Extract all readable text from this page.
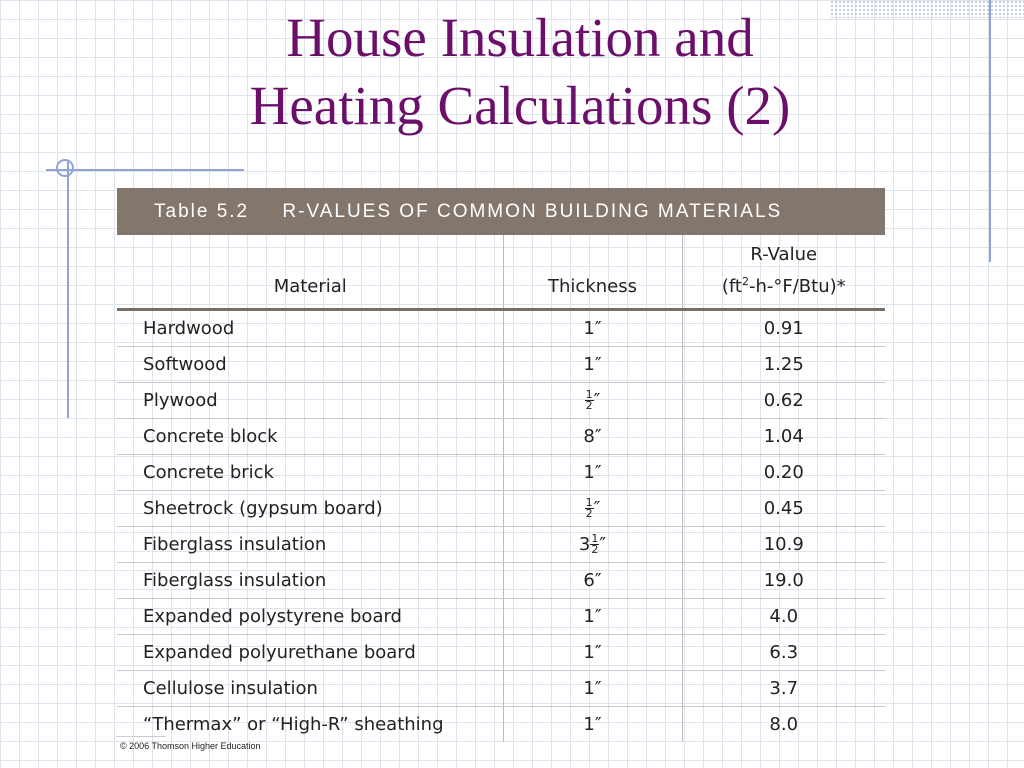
House Insulation and
Heating Calculations (2)
Table 5.2 R-VALUES OF COMMON BUILDING MATERIALS
Material	Thickness	R-Value
$(ft^2-h-^\circ F/Btu)*$
Hardwood	1″	0.91
Softwood	1″	1.25
Plywood	$\frac{1}{2}$ ″	0.62
Concrete block	8″	1.04
Concrete brick	1″	0.20
Sheetrock (gypsum board)	$\frac{1}{2}$ ″	0.45
Fiberglass insulation	$3 \frac{1}{2}$ ″	10.9
Fiberglass insulation	6″	19.0
Expanded polystyrene board	1″	4.0
Expanded polyurethane board	1″	6.3
Cellulose insulation	1″	3.7
“Thermax” or “High-R” sheathing	1″	8.0
© 2006 Thomson Higher Education
